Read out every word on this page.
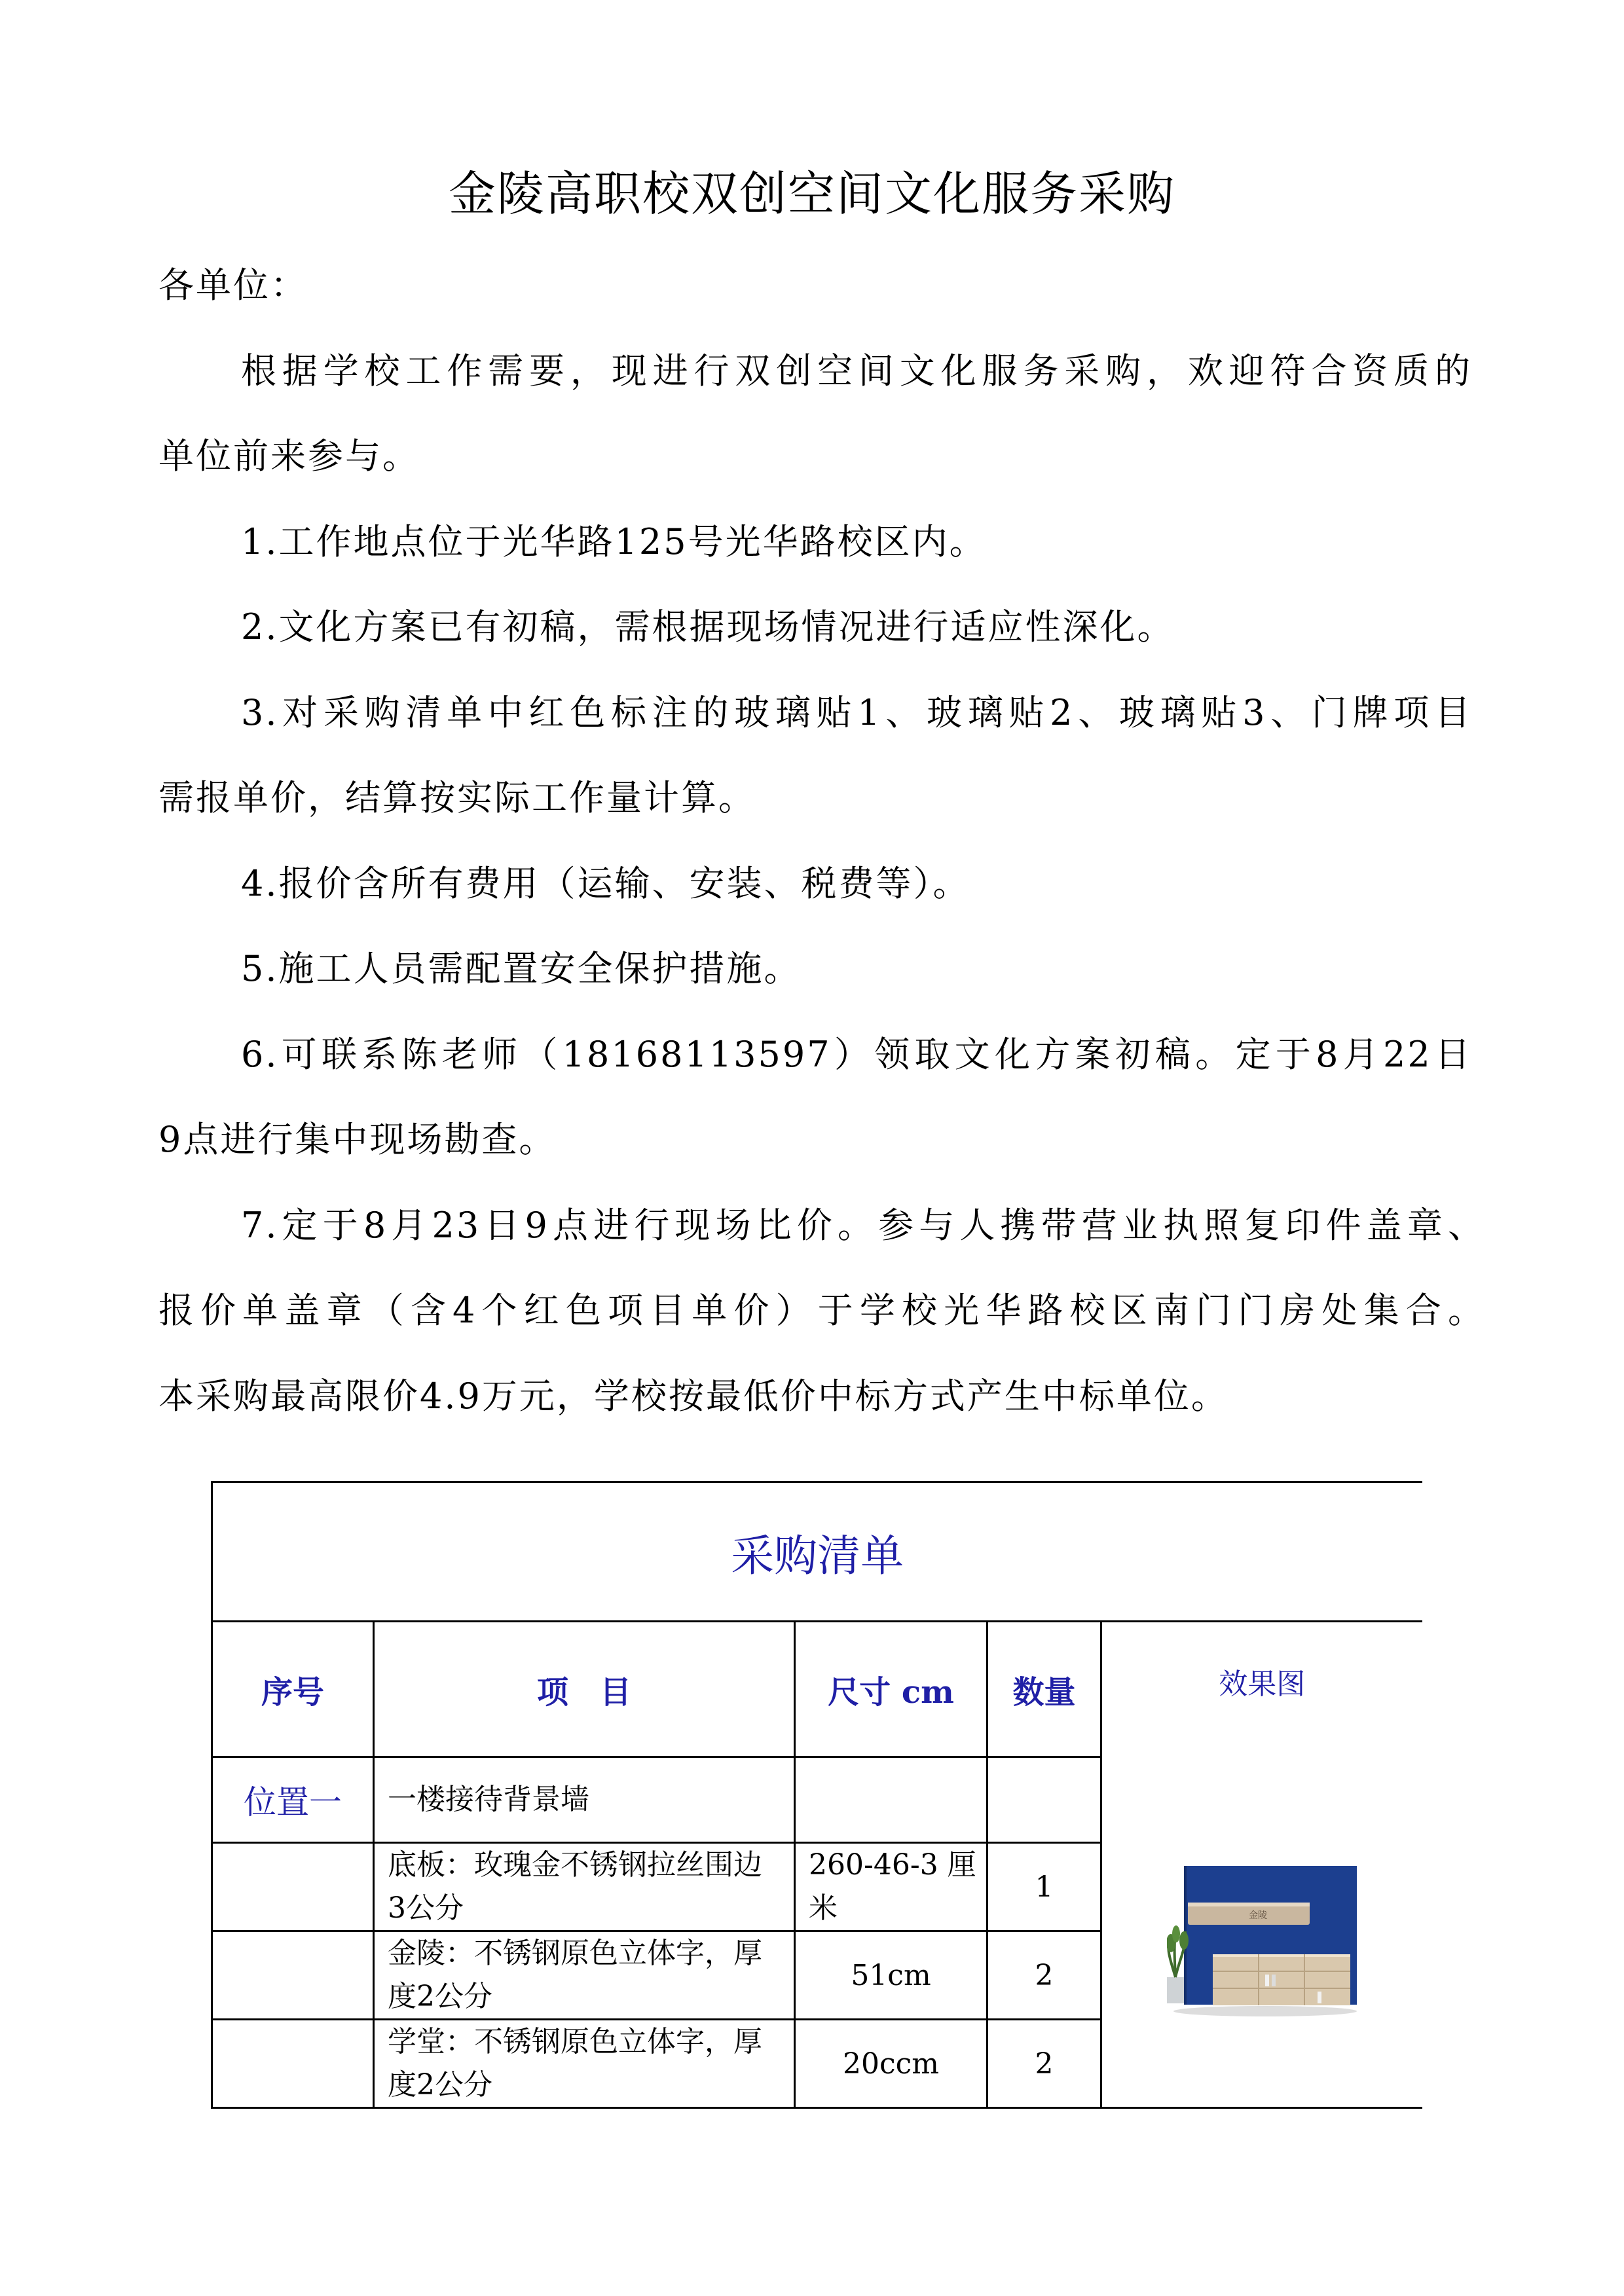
金陵高职校双创空间文化服务采购
各单位：
根据学校工作需要，现进行双创空间文化服务采购，欢迎符合资质的
单位前来参与。
1.工作地点位于光华路125号光华路校区内。
2.文化方案已有初稿，需根据现场情况进行适应性深化。
3.对采购清单中红色标注的玻璃贴1、玻璃贴2、玻璃贴3、门牌项目
需报单价，结算按实际工作量计算。
4.报价含所有费用（运输、安装、税费等）。
5.施工人员需配置安全保护措施。
6.可联系陈老师（18168113597）领取文化方案初稿。定于8月22日
9点进行集中现场勘查。
7.定于8月23日9点进行现场比价。参与人携带营业执照复印件盖章、
报价单盖章（含4个红色项目单价）于学校光华路校区南门门房处集合。
本采购最高限价4.9万元，学校按最低价中标方式产生中标单位。
采购清单				
序号	项　目	尺寸 cm	数量	效果图
金陵

位置一	一楼接待背景墙			
	底板：玫瑰金不锈钢拉丝围边 3公分	260-46-3 厘米	1	
	金陵：不锈钢原色立体字，厚度2公分	51cm	2	
	学堂：不锈钢原色立体字，厚度2公分	20ccm	2	
